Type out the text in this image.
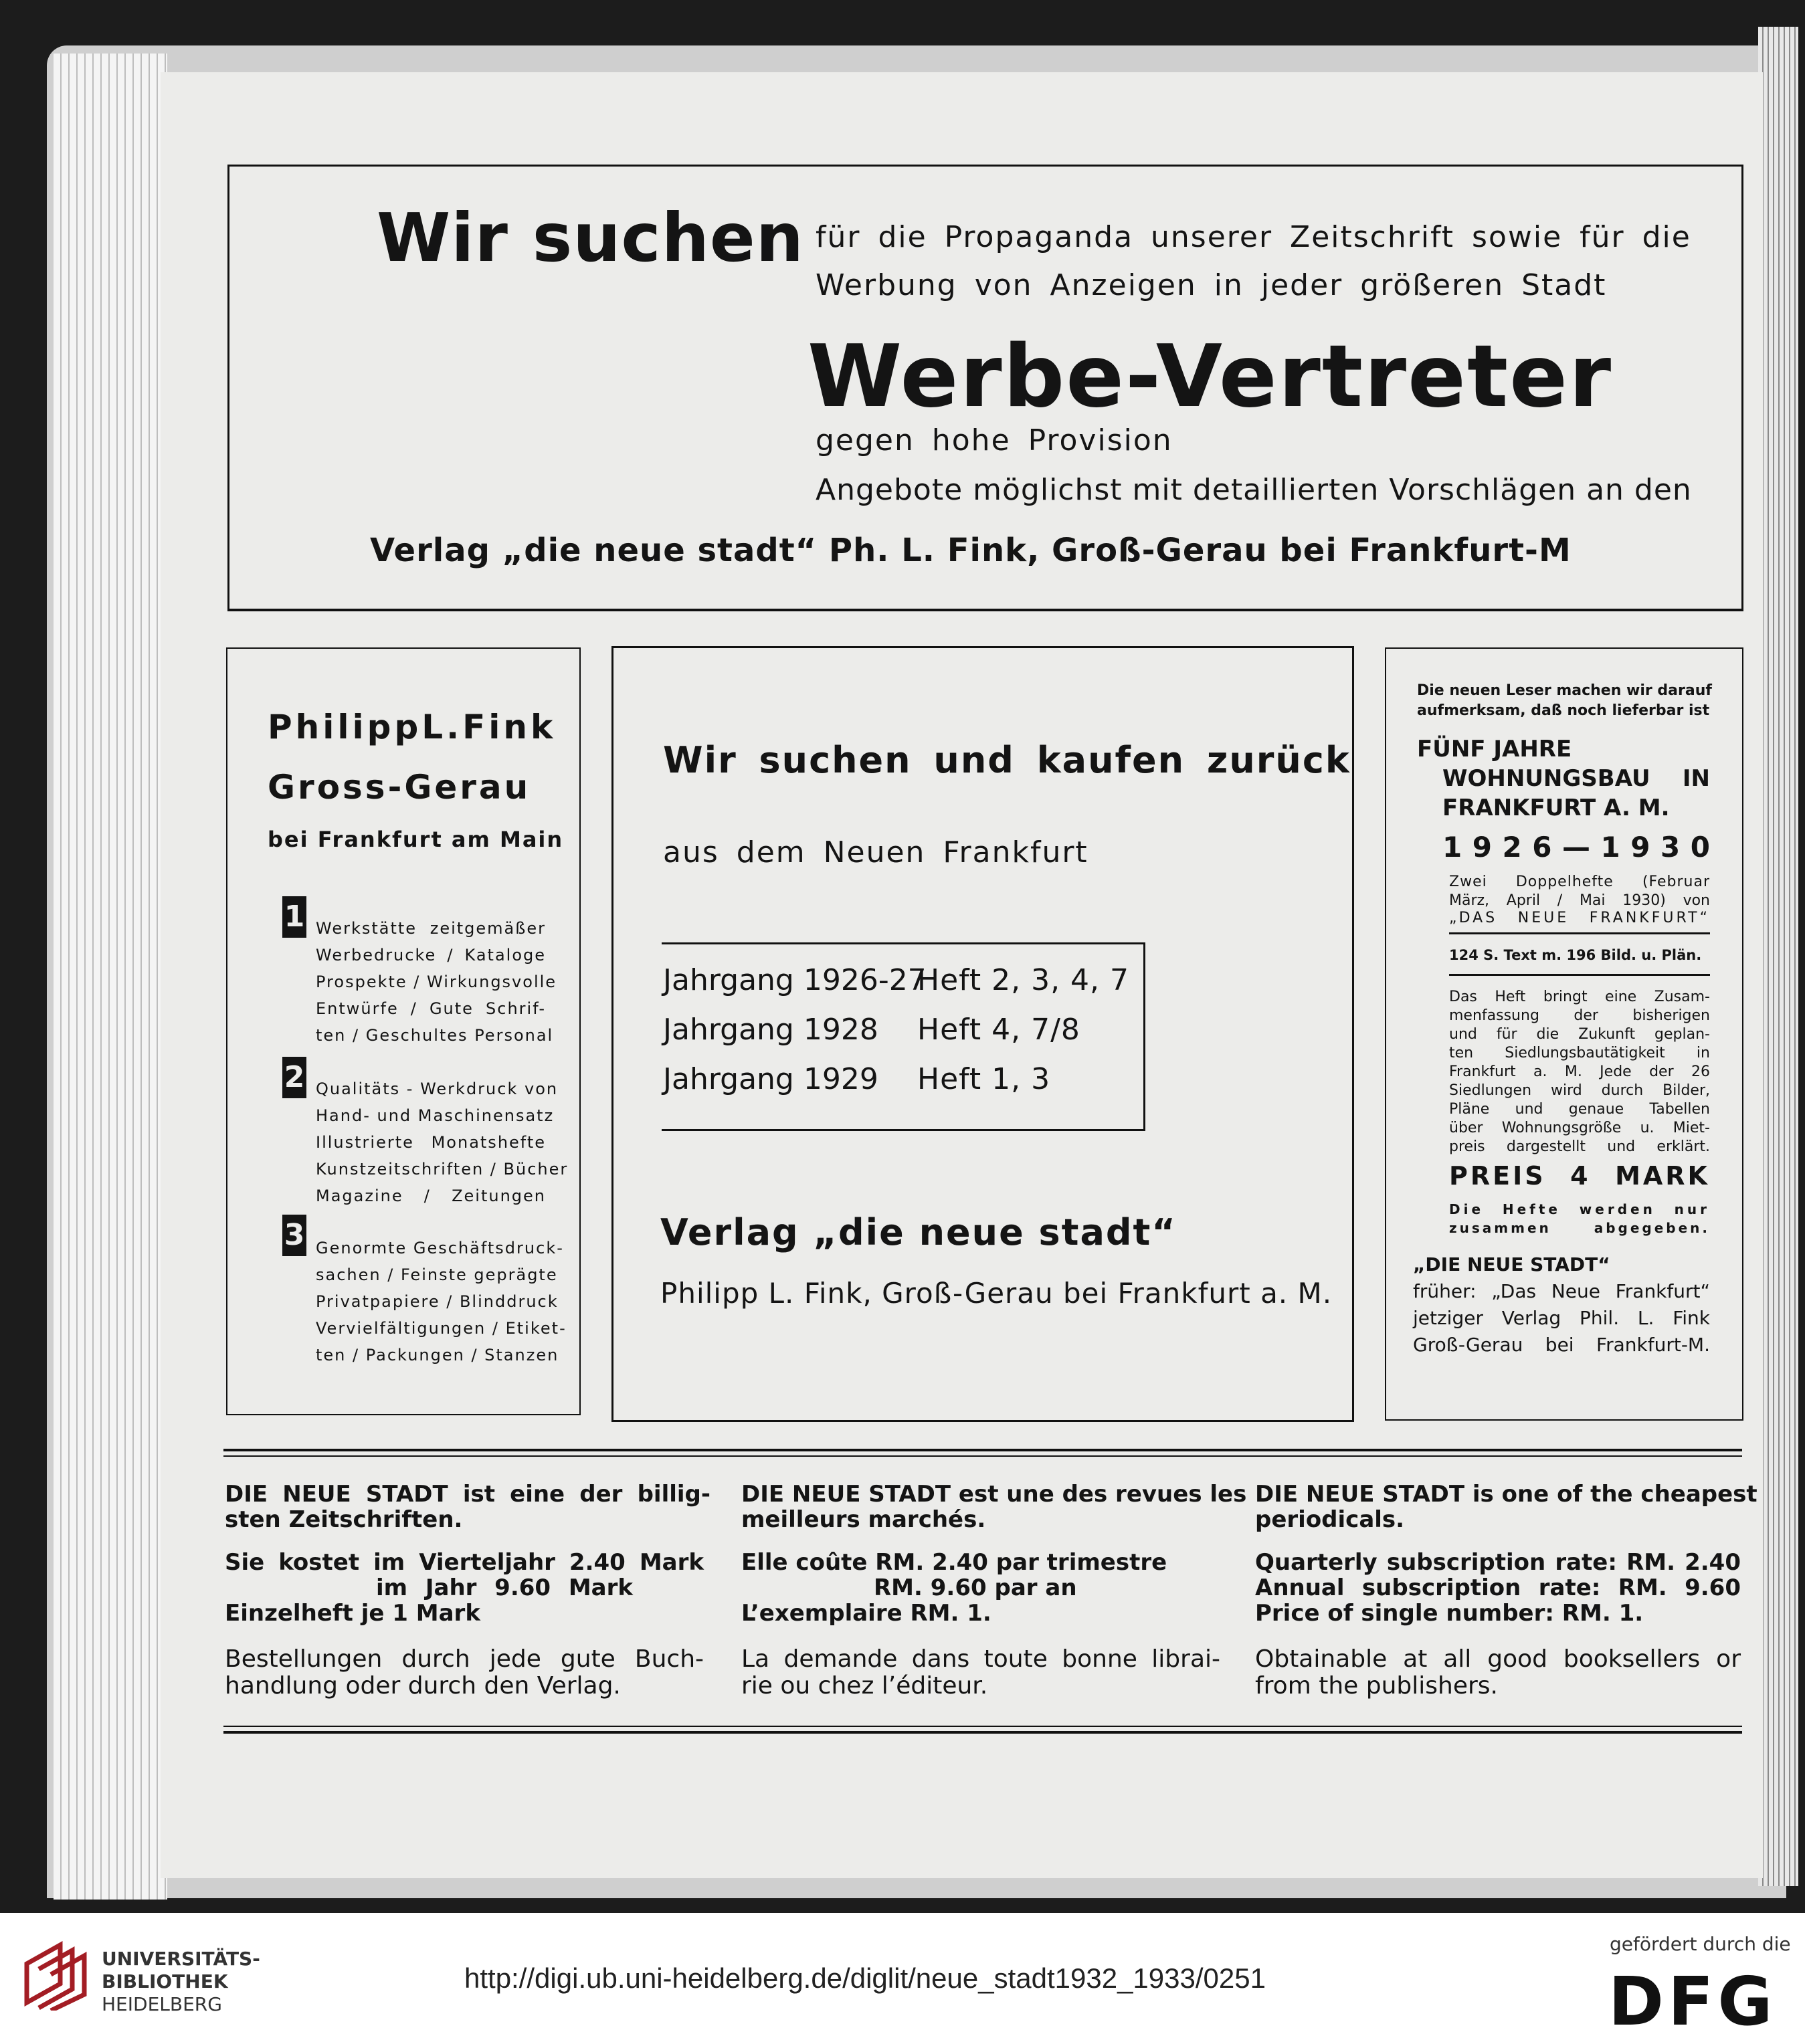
Wir suchen für die Propaganda unserer Zeitschrift sowie für die
Werbung von Anzeigen in jeder größeren Stadt
Werbe-Vertreter
gegen hohe Provision
Angebote möglichst mit detaillierten Vorschlägen an den
Verlag „die neue stadt“ Ph. L. Fink, Groß-Gerau bei Frankfurt-M
PhilippL.Fink
Gross-Gerau
bei Frankfurt am Main
1 Werkstätte zeitgemäßer
Werbedrucke / Kataloge
Prospekte / Wirkungsvolle
Entwürfe / Gute Schrif-
ten / Geschultes Personal
2 Qualitäts - Werkdruck von
Hand- und Maschinensatz
Illustrierte Monatshefte
Kunstzeitschriften / Bücher
Magazine / Zeitungen
3 Genormte Geschäftsdruck-
sachen / Feinste geprägte
Privatpapiere / Blinddruck
Vervielfältigungen / Etiket-
ten / Packungen / Stanzen
Wir suchen und kaufen zurück
aus dem Neuen Frankfurt
Jahrgang 1926-27
Heft 2, 3, 4, 7
Jahrgang 1928 Heft 4, 7/8
Jahrgang 1929 Heft 1, 3
Verlag „die neue stadt“
Philipp L. Fink, Groß-Gerau bei Frankfurt a. M.
Die neuen Leser machen wir darauf
aufmerksam, daß noch lieferbar ist
FÜNF JAHRE
WOHNUNGSBAU IN
FRANKFURT A. M.
1 9 2 6 — 1 9 3 0
Zwei Doppelhefte (Februar
März, April / Mai 1930) von
„DAS NEUE FRANKFURT“
124 S. Text m. 196 Bild. u. Plän.
Das Heft bringt eine Zusam-
menfassung der bisherigen
und für die Zukunft geplan-
ten Siedlungsbautätigkeit in
Frankfurt a. M. Jede der 26
Siedlungen wird durch Bilder,
Pläne und genaue Tabellen
über Wohnungsgröße u. Miet-
preis dargestellt und erklärt.
PREIS 4 MARK
Die Hefte werden nur
zusammen abgegeben.
„DIE NEUE STADT“
früher: „Das Neue Frankfurt“
jetziger Verlag Phil. L. Fink
Groß-Gerau bei Frankfurt-M.
DIE NEUE STADT ist eine der billig-
sten Zeitschriften.
Sie kostet im Vierteljahr 2.40 Mark
im Jahr 9.60 Mark
Einzelheft je 1 Mark
Bestellungen durch jede gute Buch-
handlung oder durch den Verlag.
DIE NEUE STADT est une des revues les
meilleurs marchés.
Elle coûte RM. 2.40 par trimestre
RM. 9.60 par an
L’exemplaire RM. 1.
La demande dans toute bonne librai-
rie ou chez l’éditeur.
DIE NEUE STADT is one of the cheapest
periodicals.
Quarterly subscription rate: RM. 2.40
Annual subscription rate: RM. 9.60
Price of single number: RM. 1.
Obtainable at all good booksellers or
from the publishers.
UNIVERSITÄTS-
BIBLIOTHEK
HEIDELBERG
http://digi.ub.uni-heidelberg.de/diglit/neue_stadt1932_1933/0251
gefördert durch die
DFG
